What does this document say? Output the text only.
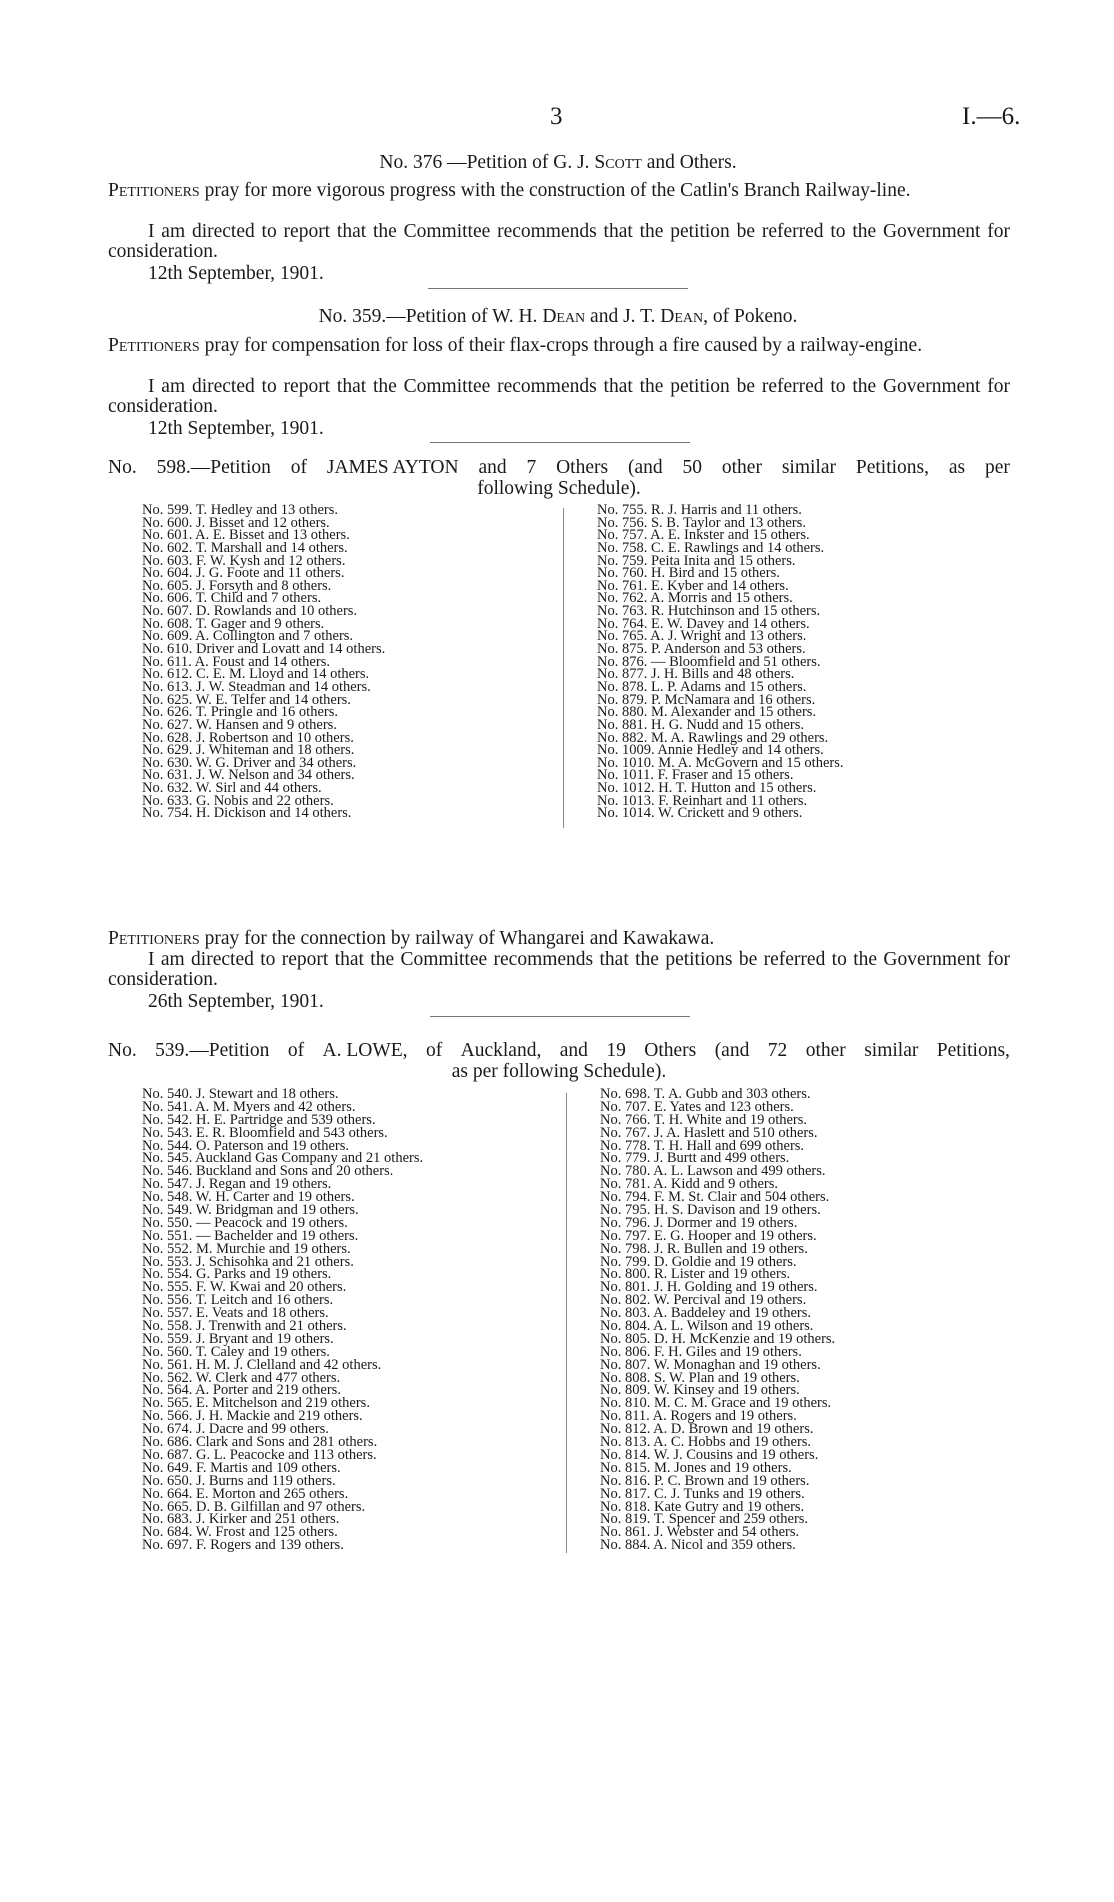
3	I.—6.
No. 376 —Petition of G. J. Scott and Others.
Petitioners pray for more vigorous progress with the construction of the Catlin's Branch Railway-line.
I am directed to report that the Committee recommends that the petition be referred to the Government for consideration.
12th September, 1901.
No. 359.—Petition of W. H. Dean and J. T. Dean, of Pokeno.
Petitioners pray for compensation for loss of their flax-crops through a fire caused by a railway-engine.
I am directed to report that the Committee recommends that the petition be referred to the Government for consideration.
12th September, 1901.
No. 598.—Petition of JAMES AYTON and 7 Others (and 50 other similar Petitions, as per
following Schedule).
No. 599. T. Hedley and 13 others.
No. 600. J. Bisset and 12 others.
No. 601. A. E. Bisset and 13 others.
No. 602. T. Marshall and 14 others.
No. 603. F. W. Kysh and 12 others.
No. 604. J. G. Foote and 11 others.
No. 605. J. Forsyth and 8 others.
No. 606. T. Child and 7 others.
No. 607. D. Rowlands and 10 others.
No. 608. T. Gager and 9 others.
No. 609. A. Collington and 7 others.
No. 610. Driver and Lovatt and 14 others.
No. 611. A. Foust and 14 others.
No. 612. C. E. M. Lloyd and 14 others.
No. 613. J. W. Steadman and 14 others.
No. 625. W. E. Telfer and 14 others.
No. 626. T. Pringle and 16 others.
No. 627. W. Hansen and 9 others.
No. 628. J. Robertson and 10 others.
No. 629. J. Whiteman and 18 others.
No. 630. W. G. Driver and 34 others.
No. 631. J. W. Nelson and 34 others.
No. 632. W. Sirl and 44 others.
No. 633. G. Nobis and 22 others.
No. 754. H. Dickison and 14 others.
No. 755. R. J. Harris and 11 others.
No. 756. S. B. Taylor and 13 others.
No. 757. A. E. Inkster and 15 others.
No. 758. C. E. Rawlings and 14 others.
No. 759. Peita Inita and 15 others.
No. 760. H. Bird and 15 others.
No. 761. E. Kyber and 14 others.
No. 762. A. Morris and 15 others.
No. 763. R. Hutchinson and 15 others.
No. 764. E. W. Davey and 14 others.
No. 765. A. J. Wright and 13 others.
No. 875. P. Anderson and 53 others.
No. 876. — Bloomfield and 51 others.
No. 877. J. H. Bills and 48 others.
No. 878. L. P. Adams and 15 others.
No. 879. P. McNamara and 16 others.
No. 880. M. Alexander and 15 others.
No. 881. H. G. Nudd and 15 others.
No. 882. M. A. Rawlings and 29 others.
No. 1009. Annie Hedley and 14 others.
No. 1010. M. A. McGovern and 15 others.
No. 1011. F. Fraser and 15 others.
No. 1012. H. T. Hutton and 15 others.
No. 1013. F. Reinhart and 11 others.
No. 1014. W. Crickett and 9 others.
Petitioners pray for the connection by railway of Whangarei and Kawakawa.
I am directed to report that the Committee recommends that the petitions be referred to the Government for consideration.
26th September, 1901.
No. 539.—Petition of A. LOWE, of Auckland, and 19 Others (and 72 other similar Petitions,
as per following Schedule).
No. 540. J. Stewart and 18 others.
No. 541. A. M. Myers and 42 others.
No. 542. H. E. Partridge and 539 others.
No. 543. E. R. Bloomfield and 543 others.
No. 544. O. Paterson and 19 others.
No. 545. Auckland Gas Company and 21 others.
No. 546. Buckland and Sons and 20 others.
No. 547. J. Regan and 19 others.
No. 548. W. H. Carter and 19 others.
No. 549. W. Bridgman and 19 others.
No. 550. — Peacock and 19 others.
No. 551. — Bachelder and 19 others.
No. 552. M. Murchie and 19 others.
No. 553. J. Schisohka and 21 others.
No. 554. G. Parks and 19 others.
No. 555. F. W. Kwai and 20 others.
No. 556. T. Leitch and 16 others.
No. 557. E. Veats and 18 others.
No. 558. J. Trenwith and 21 others.
No. 559. J. Bryant and 19 others.
No. 560. T. Caley and 19 others.
No. 561. H. M. J. Clelland and 42 others.
No. 562. W. Clerk and 477 others.
No. 564. A. Porter and 219 others.
No. 565. E. Mitchelson and 219 others.
No. 566. J. H. Mackie and 219 others.
No. 674. J. Dacre and 99 others.
No. 686. Clark and Sons and 281 others.
No. 687. G. L. Peacocke and 113 others.
No. 649. F. Martis and 109 others.
No. 650. J. Burns and 119 others.
No. 664. E. Morton and 265 others.
No. 665. D. B. Gilfillan and 97 others.
No. 683. J. Kirker and 251 others.
No. 684. W. Frost and 125 others.
No. 697. F. Rogers and 139 others.
No. 698. T. A. Gubb and 303 others.
No. 707. E. Yates and 123 others.
No. 766. T. H. White and 19 others.
No. 767. J. A. Haslett and 510 others.
No. 778. T. H. Hall and 699 others.
No. 779. J. Burtt and 499 others.
No. 780. A. L. Lawson and 499 others.
No. 781. A. Kidd and 9 others.
No. 794. F. M. St. Clair and 504 others.
No. 795. H. S. Davison and 19 others.
No. 796. J. Dormer and 19 others.
No. 797. E. G. Hooper and 19 others.
No. 798. J. R. Bullen and 19 others.
No. 799. D. Goldie and 19 others.
No. 800. R. Lister and 19 others.
No. 801. J. H. Golding and 19 others.
No. 802. W. Percival and 19 others.
No. 803. A. Baddeley and 19 others.
No. 804. A. L. Wilson and 19 others.
No. 805. D. H. McKenzie and 19 others.
No. 806. F. H. Giles and 19 others.
No. 807. W. Monaghan and 19 others.
No. 808. S. W. Plan and 19 others.
No. 809. W. Kinsey and 19 others.
No. 810. M. C. M. Grace and 19 others.
No. 811. A. Rogers and 19 others.
No. 812. A. D. Brown and 19 others.
No. 813. A. C. Hobbs and 19 others.
No. 814. W. J. Cousins and 19 others.
No. 815. M. Jones and 19 others.
No. 816. P. C. Brown and 19 others.
No. 817. C. J. Tunks and 19 others.
No. 818. Kate Gutry and 19 others.
No. 819. T. Spencer and 259 others.
No. 861. J. Webster and 54 others.
No. 884. A. Nicol and 359 others.
